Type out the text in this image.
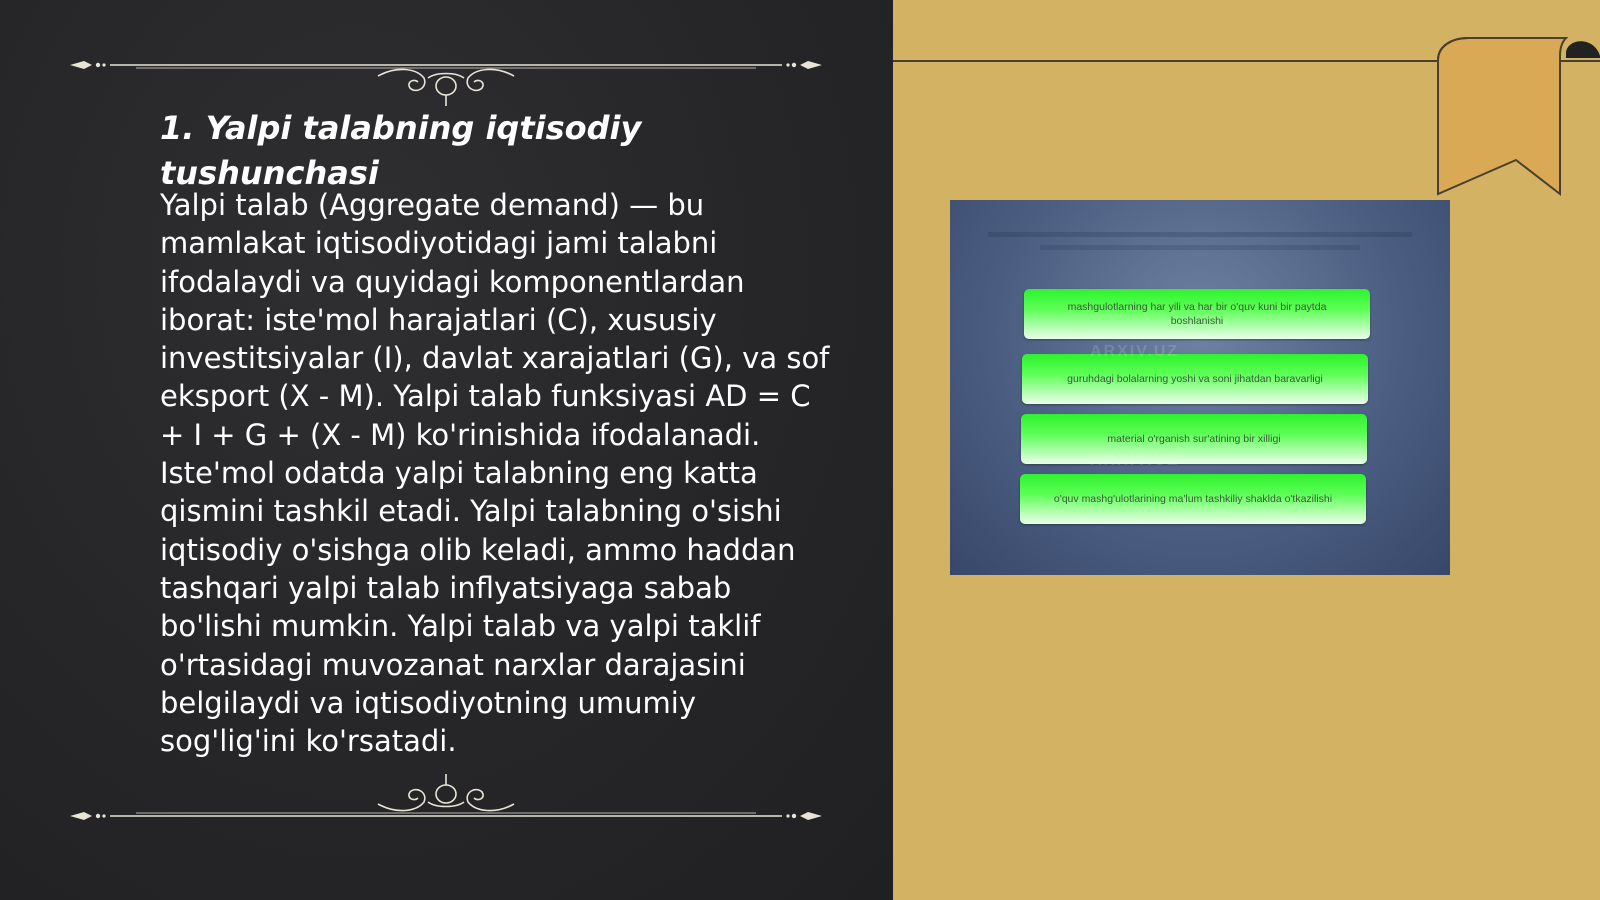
1. Yalpi talabning iqtisodiy tushunchasi

Yalpi talab (Aggregate demand) — bu mamlakat iqtisodiyotidagi jami talabni ifodalaydi va quyidagi komponentlardan iborat: iste'mol harajatlari (C), xususiy investitsiyalar (I), davlat xarajatlari (G), va sof eksport (X - M). Yalpi talab funksiyasi AD = C + I + G + (X - M) ko'rinishida ifodalanadi. Iste'mol odatda yalpi talabning eng katta qismini tashkil etadi. Yalpi talabning o'sishi iqtisodiy o'sishga olib keladi, ammo haddan tashqari yalpi talab inflyatsiyaga sabab bo'lishi mumkin. Yalpi talab va yalpi taklif o'rtasidagi muvozanat narxlar darajasini belgilaydi va iqtisodiyotning umumiy sog'lig'ini ko'rsatadi.

mashgulotlarning har yili va har bir o'quv kuni bir paytda boshlanishi
guruhdagi bolalarning yoshi va soni jihatdan baravarligi
material o'rganish sur'atining bir xilligi
o'quv mashg'ulotlarining ma'lum tashkiliy shaklda o'tkazilishi
ARXIV.UZ
ARXIV.UZ
